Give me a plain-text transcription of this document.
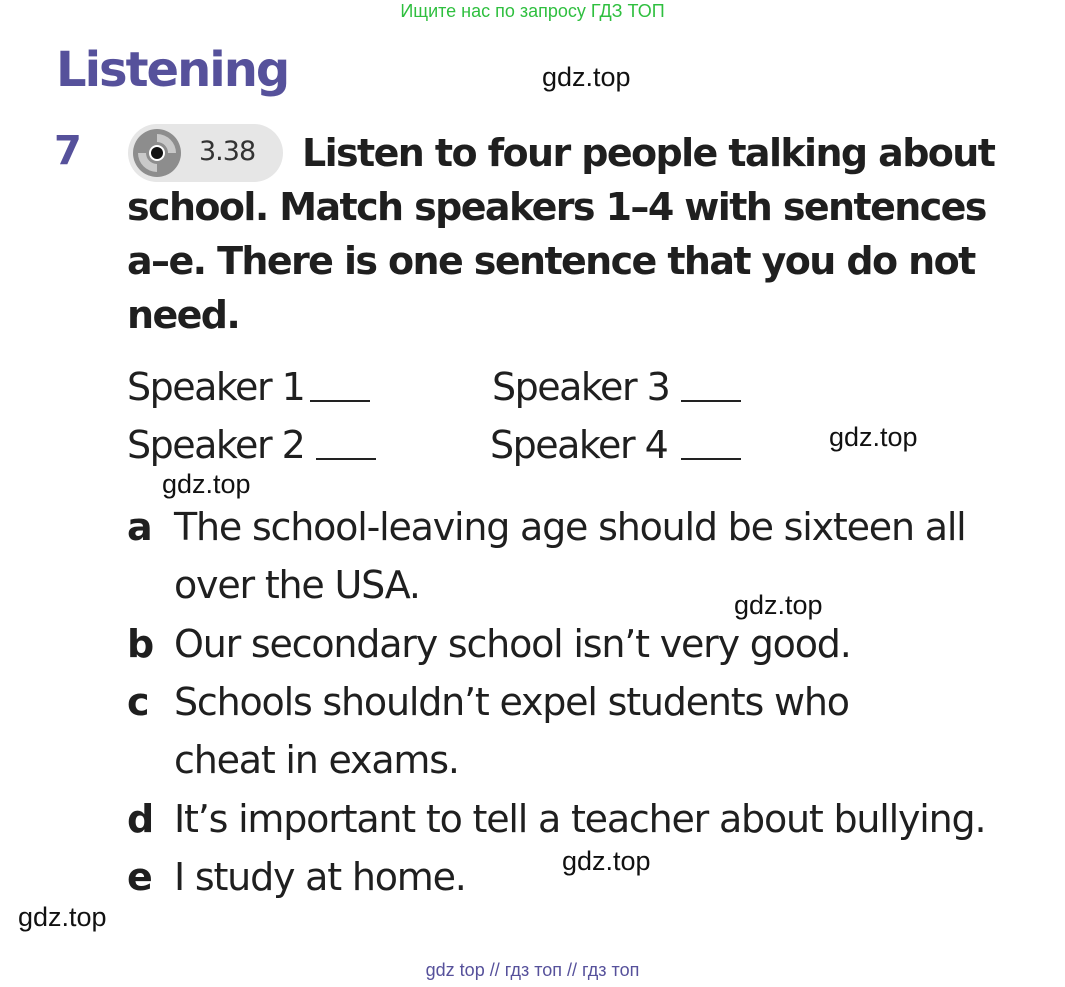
Ищите нас по запросу ГДЗ ТОП
Listening	gdz.top
gdz.top
gdz.top
gdz.top
gdz.top
gdz.top
7	3.38 Listen to four people talking about
school. Match speakers 1–4 with sentences
a–e. There is one sentence that you do not
need.
Speaker 1
Speaker 2
Speaker 3
Speaker 4
a The school-leaving age should be sixteen all
over the USA.
b Our secondary school isn’t very good.
c Schools shouldn’t expel students who
cheat in exams.
d It’s important to tell a teacher about bullying.
e I study at home.
gdz top // гдз топ // гдз топ
